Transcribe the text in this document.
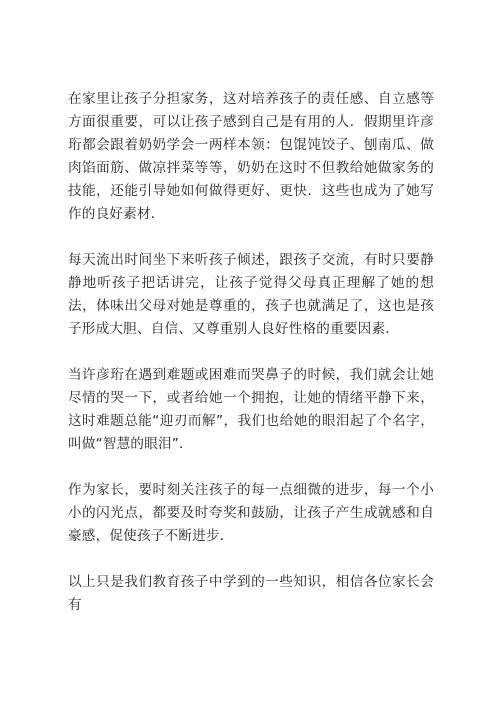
在家里让孩子分担家务，这对培养孩子的责任感、自立感等方面很重要，可以让孩子感到自己是有用的人．假期里许彦珩都会跟着奶奶学会一两样本领：包馄饨饺子、刨南瓜、做肉馅面筋、做凉拌菜等等，奶奶在这时不但教给她做家务的技能，还能引导她如何做得更好、更快．这些也成为了她写作的良好素材．

每天流出时间坐下来听孩子倾述，跟孩子交流，有时只要静静地听孩子把话讲完，让孩子觉得父母真正理解了她的想法，体味出父母对她是尊重的，孩子也就满足了，这也是孩子形成大胆、自信、又尊重别人良好性格的重要因素．

当许彦珩在遇到难题或困难而哭鼻子的时候，我们就会让她尽情的哭一下，或者给她一个拥抱，让她的情绪平静下来，这时难题总能“迎刃而解”，我们也给她的眼泪起了个名字，叫做“智慧的眼泪”．

作为家长，要时刻关注孩子的每一点细微的进步，每一个小小的闪光点，都要及时夸奖和鼓励，让孩子产生成就感和自豪感，促使孩子不断进步．

以上只是我们教育孩子中学到的一些知识，相信各位家长会有
